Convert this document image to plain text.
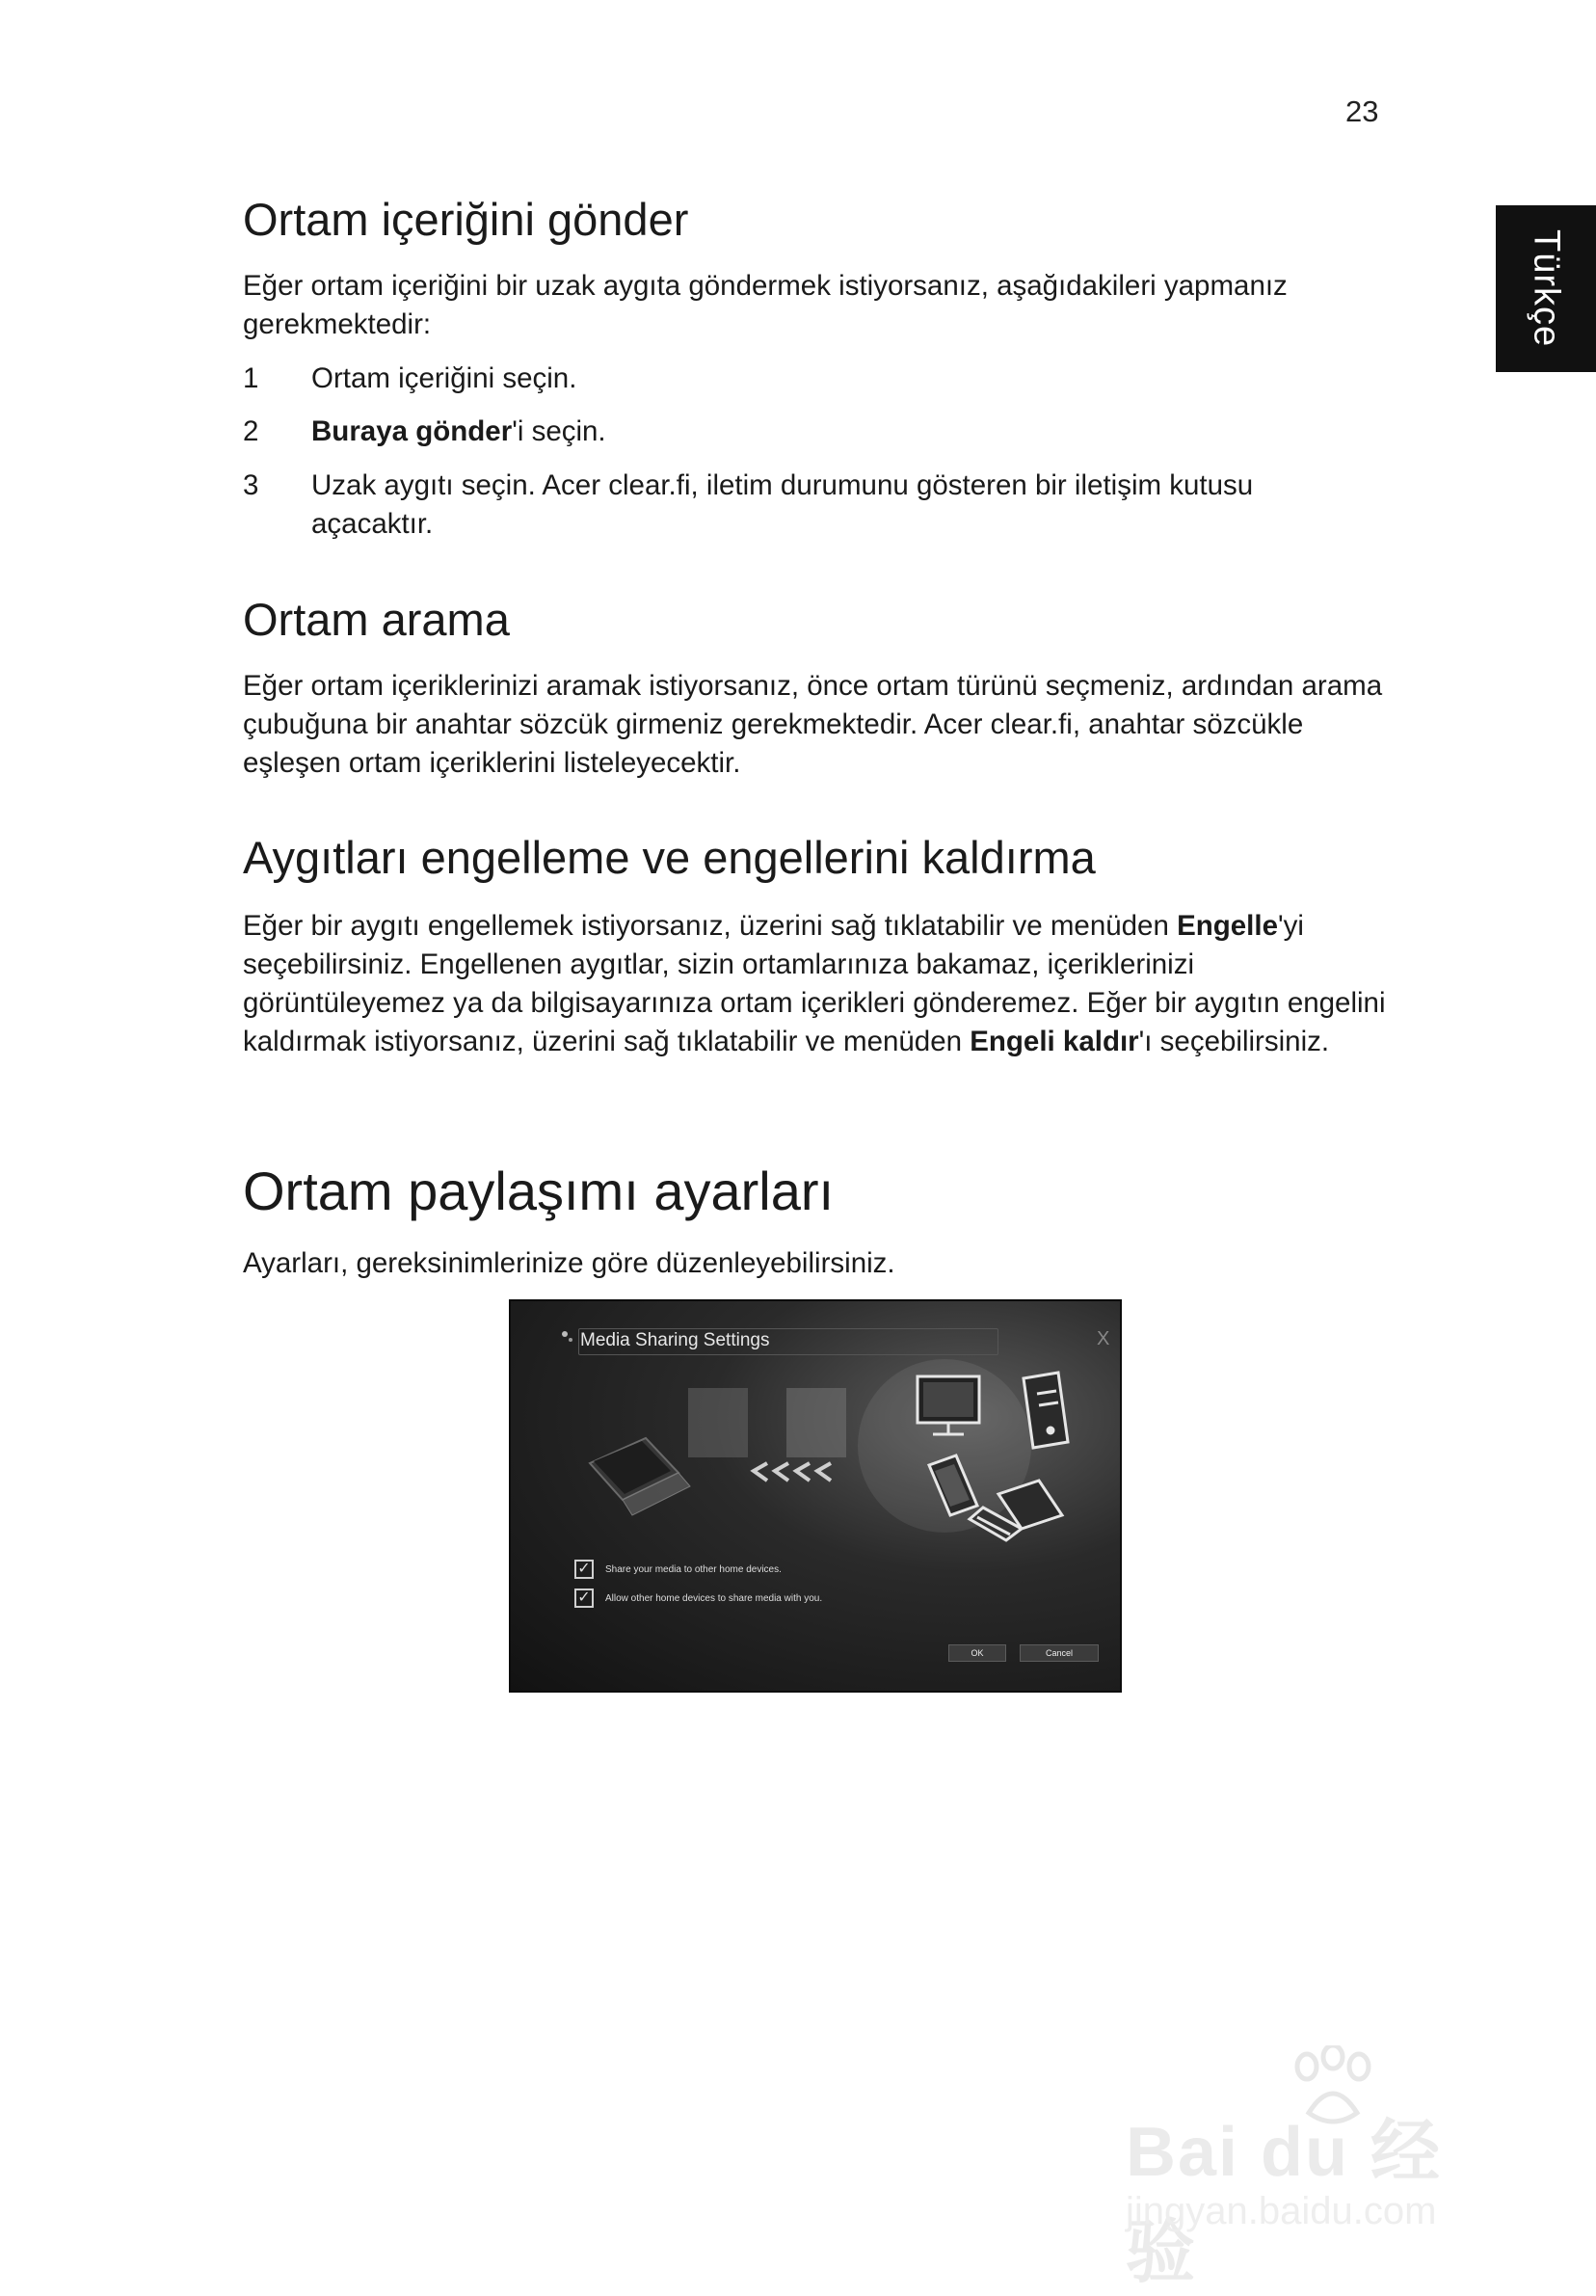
23
Türkçe
Ortam içeriğini gönder

Eğer ortam içeriğini bir uzak aygıta göndermek istiyorsanız, aşağıdakileri yapmanız gerekmektedir:

1 Ortam içeriğini seçin.
2 Buraya gönder'i seçin.
3 Uzak aygıtı seçin. Acer clear.fi, iletim durumunu gösteren bir iletişim kutusu açacaktır.
Ortam arama

Eğer ortam içeriklerinizi aramak istiyorsanız, önce ortam türünü seçmeniz, ardından arama çubuğuna bir anahtar sözcük girmeniz gerekmektedir. Acer clear.fi, anahtar sözcükle eşleşen ortam içeriklerini listeleyecektir.

Aygıtları engelleme ve engellerini kaldırma

Eğer bir aygıtı engellemek istiyorsanız, üzerini sağ tıklatabilir ve menüden Engelle'yi seçebilirsiniz. Engellenen aygıtlar, sizin ortamlarınıza bakamaz, içeriklerinizi görüntüleyemez ya da bilgisayarınıza ortam içerikleri gönderemez. Eğer bir aygıtın engelini kaldırmak istiyorsanız, üzerini sağ tıklatabilir ve menüden Engeli kaldır'ı seçebilirsiniz.

Ortam paylaşımı ayarları

Ayarları, gereksinimlerinize göre düzenleyebilirsiniz.

Media Sharing Settings	X
✓	Share your media to other home devices.
✓	Allow other home devices to share media with you.
OK	Cancel
Bai du 经验
jingyan.baidu.com
